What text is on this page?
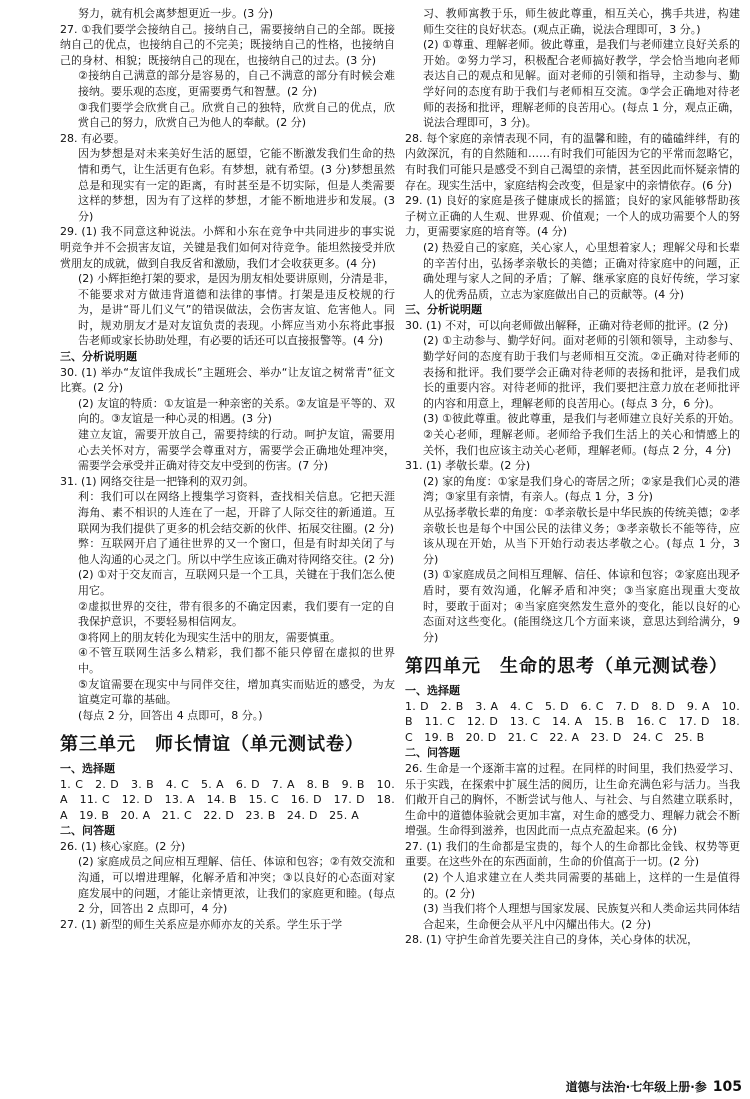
努力，就有机会离梦想更近一步。(3 分)

27. ①我们要学会接纳自己。接纳自己，需要接纳自己的全部。既接纳自己的优点，也接纳自己的不完美；既接纳自己的性格，也接纳自己的身材、相貌；既接纳自己的现在，也接纳自己的过去。(3 分)

②接纳自己满意的部分是容易的，自己不满意的部分有时候会难接纳。要乐观的态度，更需要勇气和智慧。(2 分)

③我们要学会欣赏自己。欣赏自己的独特，欣赏自己的优点，欣赏自己的努力，欣赏自己为他人的奉献。(2 分)

28. 有必要。

因为梦想是对未来美好生活的愿望，它能不断激发我们生命的热情和勇气，让生活更有色彩。有梦想，就有希望。(3 分)梦想虽然总是和现实有一定的距离，有时甚至是不切实际，但是人类需要这样的梦想，因为有了这样的梦想，才能不断地进步和发展。(3 分)

29. (1) 我不同意这种说法。小辉和小东在竞争中共同进步的事实说明竞争并不会损害友谊，关键是我们如何对待竞争。能坦然接受并欣赏朋友的成就，做到自我反省和激励，我们才会收获更多。(4 分)

(2) 小辉拒绝打架的要求，是因为朋友相处要讲原则，分清是非，不能要求对方做违背道德和法律的事情。打架是违反校规的行为，是讲“哥儿们义气”的错误做法，会伤害友谊、危害他人。同时，规劝朋友才是对友谊负责的表现。小辉应当劝小东将此事报告老师或家长协助处理，有必要的话还可以直接报警等。(4 分)

三、分析说明题

30. (1) 举办“友谊伴我成长”主题班会、举办“让友谊之树常青”征文比赛。(2 分)

(2) 友谊的特质：①友谊是一种亲密的关系。②友谊是平等的、双向的。③友谊是一种心灵的相遇。(3 分)

建立友谊，需要开放自己，需要持续的行动。呵护友谊，需要用心去关怀对方，需要学会尊重对方，需要学会正确地处理冲突，需要学会承受并正确对待交友中受到的伤害。(7 分)

31. (1) 网络交往是一把锋利的双刃剑。

利：我们可以在网络上搜集学习资料，查找相关信息。它把天涯海角、素不相识的人连在了一起，开辟了人际交往的新通道。互联网为我们提供了更多的机会结交新的伙伴、拓展交往圈。(2 分)

弊：互联网开启了通往世界的又一个窗口，但是有时却关闭了与他人沟通的心灵之门。所以中学生应该正确对待网络交往。(2 分)

(2) ①对于交友而言，互联网只是一个工具，关键在于我们怎么使用它。

②虚拟世界的交往，带有很多的不确定因素，我们要有一定的自我保护意识，不要轻易相信网友。

③将网上的朋友转化为现实生活中的朋友，需要慎重。

④不管互联网生活多么精彩，我们都不能只停留在虚拟的世界中。

⑤友谊需要在现实中与同伴交往，增加真实而贴近的感受，为友谊奠定可靠的基础。

(每点 2 分，回答出 4 点即可，8 分。)

第三单元　师长情谊（单元测试卷）

一、选择题

1. C　2. D　3. B　4. C　5. A　6. D　7. A　8. B　9. B　10. A　11. C　12. D　13. A　14. B　15. C　16. D　17. D　18. A　19. B　20. A　21. C　22. D　23. B　24. D　25. A

二、问答题

26. (1) 核心家庭。(2 分)

(2) 家庭成员之间应相互理解、信任、体谅和包容；②有效交流和沟通，可以增进理解，化解矛盾和冲突；③以良好的心态面对家庭发展中的问题，才能让亲情更浓，让我们的家庭更和睦。(每点 2 分，回答出 2 点即可，4 分)

27. (1) 新型的师生关系应是亦师亦友的关系。学生乐于学

习、教师寓教于乐，师生彼此尊重，相互关心，携手共进，构建师生交往的良好状态。(观点正确，说法合理即可，3 分。)

(2) ①尊重、理解老师。彼此尊重，是我们与老师建立良好关系的开始。②努力学习，积极配合老师搞好教学，学会恰当地向老师表达自己的观点和见解。面对老师的引领和指导，主动参与、勤学好问的态度有助于我们与老师相互交流。③学会正确地对待老师的表扬和批评，理解老师的良苦用心。(每点 1 分，观点正确，说法合理即可，3 分)。

28. 每个家庭的亲情表现不同，有的温馨和睦，有的磕磕绊绊，有的内敛深沉，有的自然随和……有时我们可能因为它的平常而忽略它，有时我们可能只是感受不到自己渴望的亲情，甚至因此而怀疑亲情的存在。现实生活中，家庭结构会改变，但是家中的亲情依存。(6 分)

29. (1) 良好的家庭是孩子健康成长的摇篮；良好的家风能够帮助孩子树立正确的人生观、世界观、价值观；一个人的成功需要个人的努力，更需要家庭的培育等。(4 分)

(2) 热爱自己的家庭，关心家人，心里想着家人；理解父母和长辈的辛苦付出，弘扬孝亲敬长的美德；正确对待家庭中的问题，正确处理与家人之间的矛盾；了解、继承家庭的良好传统，学习家人的优秀品质，立志为家庭做出自己的贡献等。(4 分)

三、分析说明题

30. (1) 不对，可以向老师做出解释，正确对待老师的批评。(2 分)

(2) ①主动参与、勤学好问。面对老师的引领和领导，主动参与、勤学好问的态度有助于我们与老师相互交流。②正确对待老师的表扬和批评。我们要学会正确对待老师的表扬和批评，是我们成长的重要内容。对待老师的批评，我们要把注意力放在老师批评的内容和用意上，理解老师的良苦用心。(每点 3 分，6 分)。

(3) ①彼此尊重。彼此尊重，是我们与老师建立良好关系的开始。②关心老师，理解老师。老师给予我们生活上的关心和情感上的关怀，我们也应该主动关心老师，理解老师。(每点 2 分，4 分)

31. (1) 孝敬长辈。(2 分)

(2) 家的角度：①家是我们身心的寄居之所；②家是我们心灵的港湾；③家里有亲情，有亲人。(每点 1 分，3 分)

从弘扬孝敬长辈的角度：①孝亲敬长是中华民族的传统美德；②孝亲敬长也是每个中国公民的法律义务；③孝亲敬长不能等待，应该从现在开始，从当下开始行动表达孝敬之心。(每点 1 分，3 分)

(3) ①家庭成员之间相互理解、信任、体谅和包容；②家庭出现矛盾时，要有效沟通，化解矛盾和冲突；③当家庭出现重大变故时，要敢于面对；④当家庭突然发生意外的变化，能以良好的心态面对这些变化。(能围绕这几个方面来谈，意思达到给满分，9 分)

第四单元　生命的思考（单元测试卷）

一、选择题

1. D　2. B　3. A　4. C　5. D　6. C　7. D　8. D　9. A　10. B　11. C　12. D　13. C　14. A　15. B　16. C　17. D　18. C　19. B　20. D　21. C　22. A　23. D　24. C　25. B

二、问答题

26. 生命是一个逐渐丰富的过程。在同样的时间里，我们热爱学习、乐于实践，在探索中扩展生活的阅历，让生命充满色彩与活力。当我们敞开自己的胸怀，不断尝试与他人、与社会、与自然建立联系时，生命中的道德体验就会更加丰富，对生命的感受力、理解力就会不断增强。生命得到滋养，也因此而一点点充盈起来。(6 分)

27. (1) 我们的生命都是宝贵的，每个人的生命都比金钱、权势等更重要。在这些外在的东西面前，生命的价值高于一切。(2 分)

(2) 个人追求建立在人类共同需要的基础上，这样的一生是值得的。(2 分)

(3) 当我们将个人理想与国家发展、民族复兴和人类命运共同体结合起来，生命便会从平凡中闪耀出伟大。(2 分)

28. (1) 守护生命首先要关注自己的身体，关心身体的状况，

道德与法治·七年级上册·参 105
